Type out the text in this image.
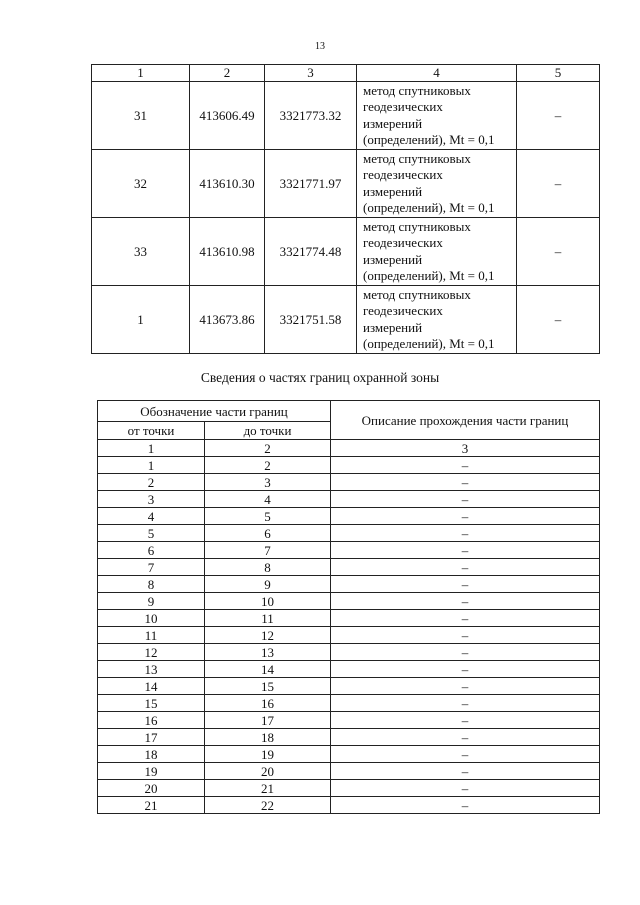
13
1	2	3	4	5
31	413606.49	3321773.32	метод спутниковых
геодезических
измерений
(определений), Mt = 0,1	–
32	413610.30	3321771.97	метод спутниковых
геодезических
измерений
(определений), Mt = 0,1	–
33	413610.98	3321774.48	метод спутниковых
геодезических
измерений
(определений), Mt = 0,1	–
1	413673.86	3321751.58	метод спутниковых
геодезических
измерений
(определений), Mt = 0,1	–
Сведения о частях границ охранной зоны
Обозначение части границ		Описание прохождения части границ
от точки	до точки	
1	2	3
1	2	–
2	3	–
3	4	–
4	5	–
5	6	–
6	7	–
7	8	–
8	9	–
9	10	–
10	11	–
11	12	–
12	13	–
13	14	–
14	15	–
15	16	–
16	17	–
17	18	–
18	19	–
19	20	–
20	21	–
21	22	–
